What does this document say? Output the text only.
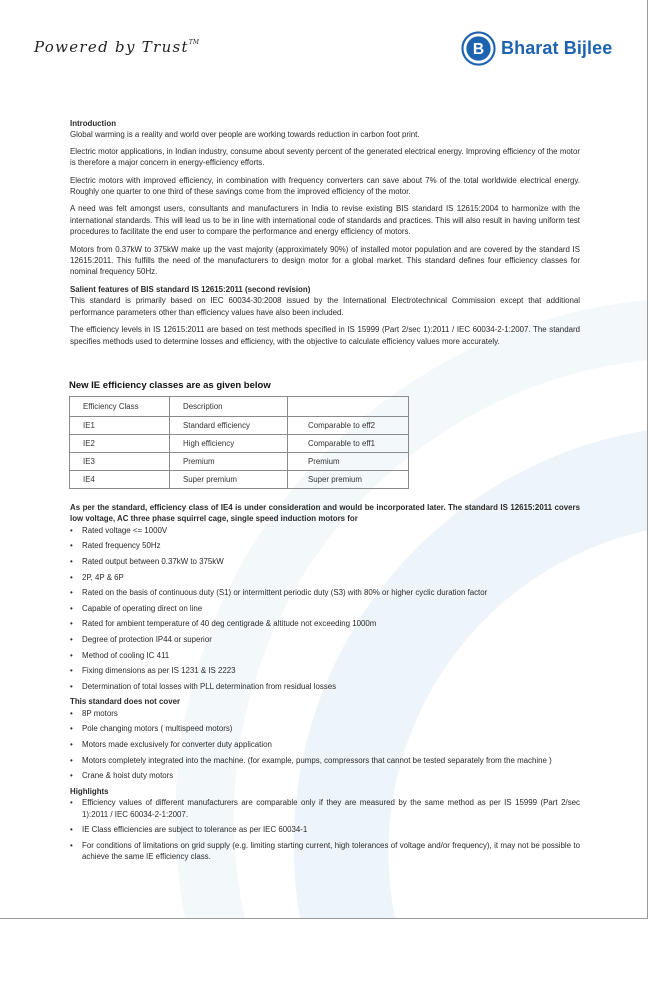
Powered by Trust™	B Bharat Bijlee
Introduction

Global warming is a reality and world over people are working towards reduction in carbon foot print.

Electric motor applications, in Indian industry, consume about seventy percent of the generated electrical energy. Improving efficiency of the motor is therefore a major concern in energy-efficiency efforts.

Electric motors with improved efficiency, in combination with frequency converters can save about 7% of the total worldwide electrical energy. Roughly one quarter to one third of these savings come from the improved efficiency of the motor.

A need was felt amongst users, consultants and manufacturers in India to revise existing BIS standard IS 12615:2004 to harmonize with the international standards. This will lead us to be in line with international code of standards and practices. This will also result in having uniform test procedures to facilitate the end user to compare the performance and energy efficiency of motors.

Motors from 0.37kW to 375kW make up the vast majority (approximately 90%) of installed motor population and are covered by the standard IS 12615:2011. This fulfills the need of the manufacturers to design motor for a global market. This standard defines four efficiency classes for nominal frequency 50Hz.

Salient features of BIS standard IS 12615:2011 (second revision)

This standard is primarily based on IEC 60034-30:2008 issued by the International Electrotechnical Commission except that additional performance parameters other than efficiency values have also been included.

The efficiency levels in IS 12615:2011 are based on test methods specified in IS 15999 (Part 2/sec 1):2011 / IEC 60034-2-1:2007. The standard specifies methods used to determine losses and efficiency, with the objective to calculate efficiency values more accurately.

New IE efficiency classes are as given below
Efficiency Class	Description	
IE1	Standard efficiency	Comparable to eff2
IE2	High efficiency	Comparable to eff1
IE3	Premium	Premium
IE4	Super premium	Super premium

As per the standard, efficiency class of IE4 is under consideration and would be incorporated later. The standard IS 12615:2011 covers low voltage, AC three phase squirrel cage, single speed induction motors for

• Rated voltage <= 1000V
• Rated frequency 50Hz
• Rated output between 0.37kW to 375kW
• 2P, 4P & 6P
• Rated on the basis of continuous duty (S1) or intermittent periodic duty (S3) with 80% or higher cyclic duration factor
• Capable of operating direct on line
• Rated for ambient temperature of 40 deg centigrade & altitude not exceeding 1000m
• Degree of protection IP44 or superior
• Method of cooling IC 411
• Fixing dimensions as per IS 1231 & IS 2223
• Determination of total losses with PLL determination from residual losses

This standard does not cover

• 8P motors
• Pole changing motors ( multispeed motors)
• Motors made exclusively for converter duty application
• Motors completely integrated into the machine. (for example, pumps, compressors that cannot be tested separately from the machine )
• Crane & hoist duty motors

Highlights

• Efficiency values of different manufacturers are comparable only if they are measured by the same method as per IS 15999 (Part 2/sec 1):2011 / IEC 60034-2-1:2007.
• IE Class efficiencies are subject to tolerance as per IEC 60034-1
• For conditions of limitations on grid supply (e.g. limiting starting current, high tolerances of voltage and/or frequency), it may not be possible to achieve the same IE efficiency class.
